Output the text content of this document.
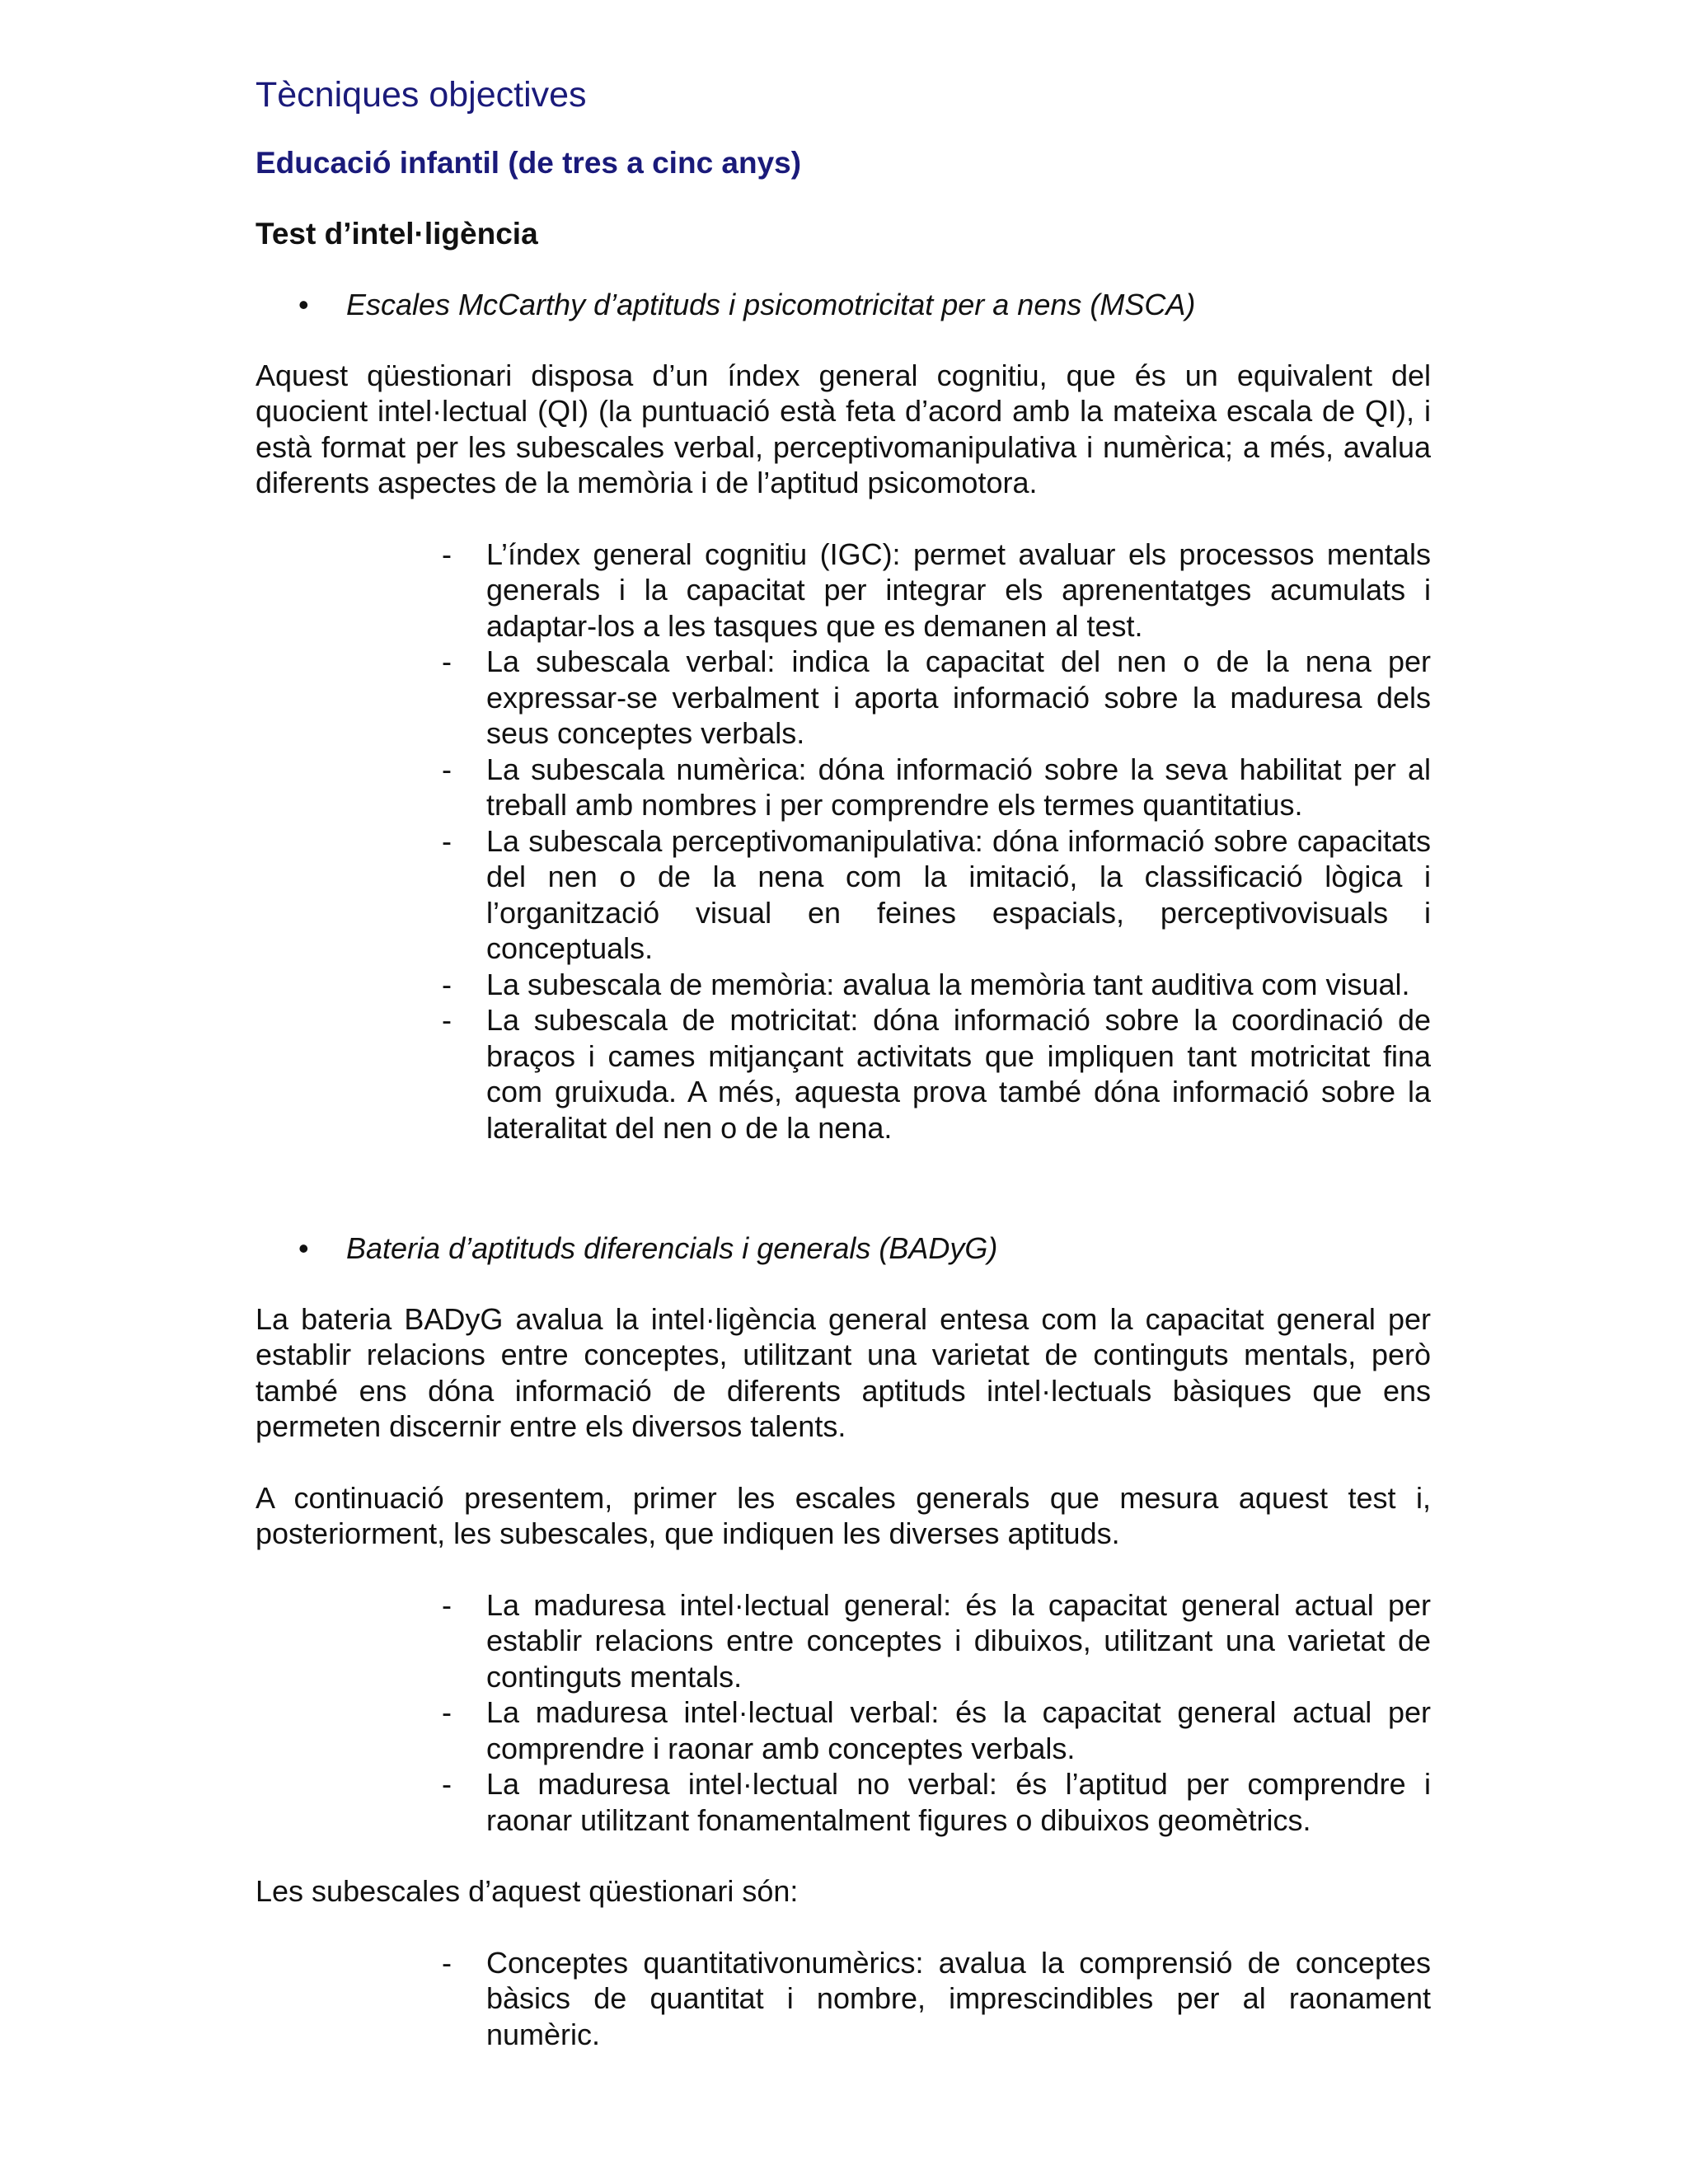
Tècniques objectives
Educació infantil (de tres a cinc anys)
Test d’intel·ligència
•	Escales McCarthy d’aptituds i psicomotricitat per a nens (MSCA)

Aquest qüestionari disposa d’un índex general cognitiu, que és un equivalent del quocient intel·lectual (QI) (la puntuació està feta d’acord amb la mateixa escala de QI), i està format per les subescales verbal, perceptivomanipulativa i numèrica; a més, avalua diferents aspectes de la memòria i de l’aptitud psicomotora.

-	L’índex general cognitiu (IGC): permet avaluar els processos mentals generals i la capacitat per integrar els aprenentatges acumulats i adaptar-los a les tasques que es demanen al test.
-	La subescala verbal: indica la capacitat del nen o de la nena per expressar-se verbalment i aporta informació sobre la maduresa dels seus conceptes verbals.
-	La subescala numèrica: dóna informació sobre la seva habilitat per al treball amb nombres i per comprendre els termes quantitatius.
-	La subescala perceptivomanipulativa: dóna informació sobre capacitats del nen o de la nena com la imitació, la classificació lògica i l’organització visual en feines espacials, perceptivovisuals i conceptuals.
-	La subescala de memòria: avalua la memòria tant auditiva com visual.
-	La subescala de motricitat: dóna informació sobre la coordinació de braços i cames mitjançant activitats que impliquen tant motricitat fina com gruixuda. A més, aquesta prova també dóna informació sobre la lateralitat del nen o de la nena.
•	Bateria d’aptituds diferencials i generals (BADyG)

La bateria BADyG avalua la intel·ligència general entesa com la capacitat general per establir relacions entre conceptes, utilitzant una varietat de continguts mentals, però també ens dóna informació de diferents aptituds intel·lectuals bàsiques que ens permeten discernir entre els diversos talents.

A continuació presentem, primer les escales generals que mesura aquest test i, posteriorment, les subescales, que indiquen les diverses aptituds.

-	La maduresa intel·lectual general: és la capacitat general actual per establir relacions entre conceptes i dibuixos, utilitzant una varietat de continguts mentals.
-	La maduresa intel·lectual verbal: és la capacitat general actual per comprendre i raonar amb conceptes verbals.
-	La maduresa intel·lectual no verbal: és l’aptitud per comprendre i raonar utilitzant fonamentalment figures o dibuixos geomètrics.

Les subescales d’aquest qüestionari són:

-	Conceptes quantitativonumèrics: avalua la comprensió de conceptes bàsics de quantitat i nombre, imprescindibles per al raonament numèric.
